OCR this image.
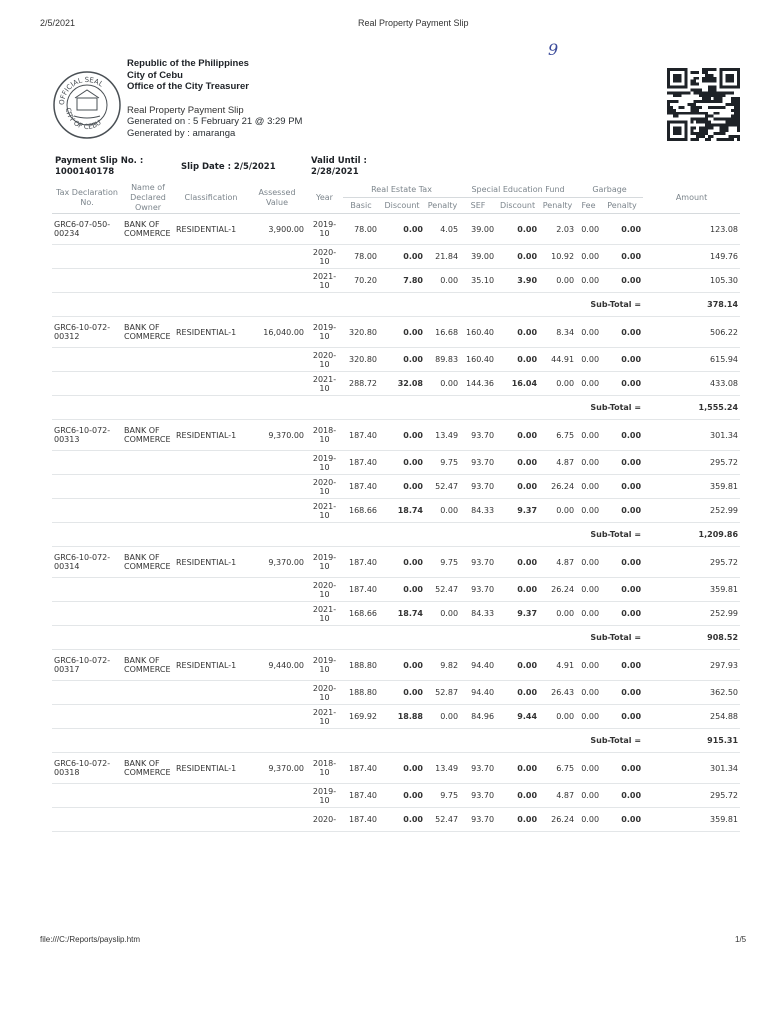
2/5/2021	Real Property Payment Slip
9
OFFICIAL SEAL
CITY OF CEBU
Republic of the Philippines
City of Cebu
Office of the City Treasurer
Real Property Payment Slip
Generated on : 5 February 21 @ 3:29 PM
Generated by : amaranga
Payment Slip No. :
1000140178	Slip Date : 2/5/2021
Valid Until :
2/28/2021
Tax Declaration No.	Name of Declared Owner	Classification	Assessed Value	Year	Real Estate Tax			Special Education Fund			Garbage		Amount
					Basic	Discount	Penalty	SEF	Discount	Penalty	Fee	Penalty	
GRC6-07-050-00234	BANK OF COMMERCE	RESIDENTIAL-1	3,900.00	2019-10	78.00	0.00	4.05	39.00	0.00	2.03	0.00	0.00	123.08
				2020-10	78.00	0.00	21.84	39.00	0.00	10.92	0.00	0.00	149.76
				2021-10	70.20	7.80	0.00	35.10	3.90	0.00	0.00	0.00	105.30
											Sub-Total =		378.14
GRC6-10-072-00312	BANK OF COMMERCE	RESIDENTIAL-1	16,040.00	2019-10	320.80	0.00	16.68	160.40	0.00	8.34	0.00	0.00	506.22
				2020-10	320.80	0.00	89.83	160.40	0.00	44.91	0.00	0.00	615.94
				2021-10	288.72	32.08	0.00	144.36	16.04	0.00	0.00	0.00	433.08
											Sub-Total =		1,555.24
GRC6-10-072-00313	BANK OF COMMERCE	RESIDENTIAL-1	9,370.00	2018-10	187.40	0.00	13.49	93.70	0.00	6.75	0.00	0.00	301.34
				2019-10	187.40	0.00	9.75	93.70	0.00	4.87	0.00	0.00	295.72
				2020-10	187.40	0.00	52.47	93.70	0.00	26.24	0.00	0.00	359.81
				2021-10	168.66	18.74	0.00	84.33	9.37	0.00	0.00	0.00	252.99
											Sub-Total =		1,209.86
GRC6-10-072-00314	BANK OF COMMERCE	RESIDENTIAL-1	9,370.00	2019-10	187.40	0.00	9.75	93.70	0.00	4.87	0.00	0.00	295.72
				2020-10	187.40	0.00	52.47	93.70	0.00	26.24	0.00	0.00	359.81
				2021-10	168.66	18.74	0.00	84.33	9.37	0.00	0.00	0.00	252.99
											Sub-Total =		908.52
GRC6-10-072-00317	BANK OF COMMERCE	RESIDENTIAL-1	9,440.00	2019-10	188.80	0.00	9.82	94.40	0.00	4.91	0.00	0.00	297.93
				2020-10	188.80	0.00	52.87	94.40	0.00	26.43	0.00	0.00	362.50
				2021-10	169.92	18.88	0.00	84.96	9.44	0.00	0.00	0.00	254.88
											Sub-Total =		915.31
GRC6-10-072-00318	BANK OF COMMERCE	RESIDENTIAL-1	9,370.00	2018-10	187.40	0.00	13.49	93.70	0.00	6.75	0.00	0.00	301.34
				2019-10	187.40	0.00	9.75	93.70	0.00	4.87	0.00	0.00	295.72
				2020-	187.40	0.00	52.47	93.70	0.00	26.24	0.00	0.00	359.81
file:///C:/Reports/payslip.htm	1/5
